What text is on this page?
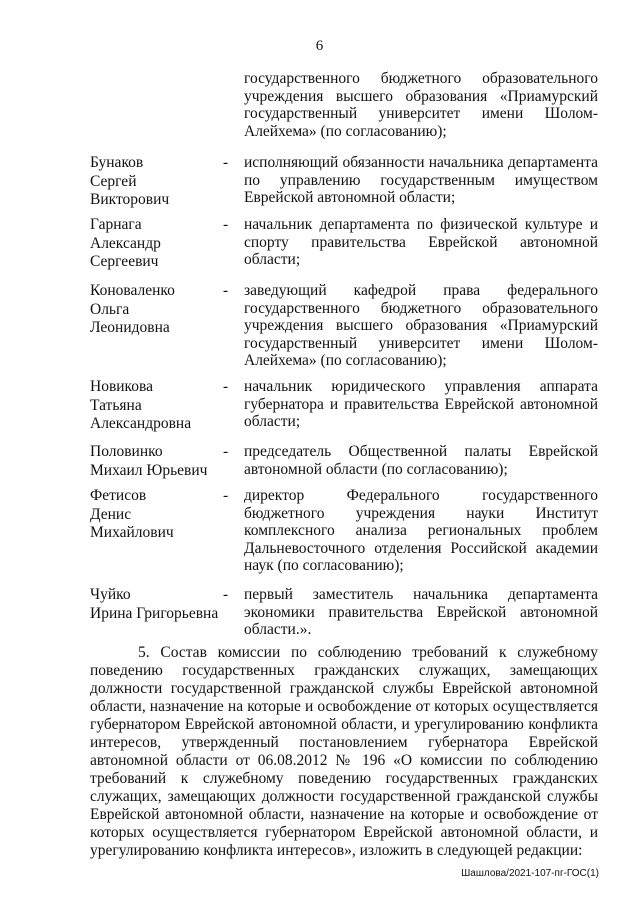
6
государственного бюджетного образовательного учреждения высшего образования «Приамурский государственный университет имени Шолом-Алейхема» (по согласованию);
Бунаков
Сергей
Викторович
- исполняющий обязанности начальника департамента по управлению государственным имуществом Еврейской автономной области;
Гарнага
Александр
Сергеевич
- начальник департамента по физической культуре и спорту правительства Еврейской автономной области;
Коноваленко
Ольга
Леонидовна
- заведующий кафедрой права федерального государственного бюджетного образовательного учреждения высшего образования «Приамурский государственный университет имени Шолом-Алейхема» (по согласованию);
Новикова
Татьяна
Александровна
- начальник юридического управления аппарата губернатора и правительства Еврейской автономной области;
Половинко
Михаил Юрьевич
- председатель Общественной палаты Еврейской автономной области (по согласованию);
Фетисов
Денис
Михайлович
- директор Федерального государственного бюджетного учреждения науки Институт комплексного анализа региональных проблем Дальневосточного отделения Российской академии наук (по согласованию);
Чуйко
Ирина Григорьевна
- первый заместитель начальника департамента экономики правительства Еврейской автономной области.».
5. Состав комиссии по соблюдению требований к служебному поведению государственных гражданских служащих, замещающих должности государственной гражданской службы Еврейской автономной области, назначение на которые и освобождение от которых осуществляется губернатором Еврейской автономной области, и урегулированию конфликта интересов, утвержденный постановлением губернатора Еврейской автономной области от 06.08.2012 № 196 «О комиссии по соблюдению требований к служебному поведению государственных гражданских служащих, замещающих должности государственной гражданской службы Еврейской автономной области, назначение на которые и освобождение от которых осуществляется губернатором Еврейской автономной области, и урегулированию конфликта интересов», изложить в следующей редакции:
Шашлова/2021-107-пг-ГОС(1)
